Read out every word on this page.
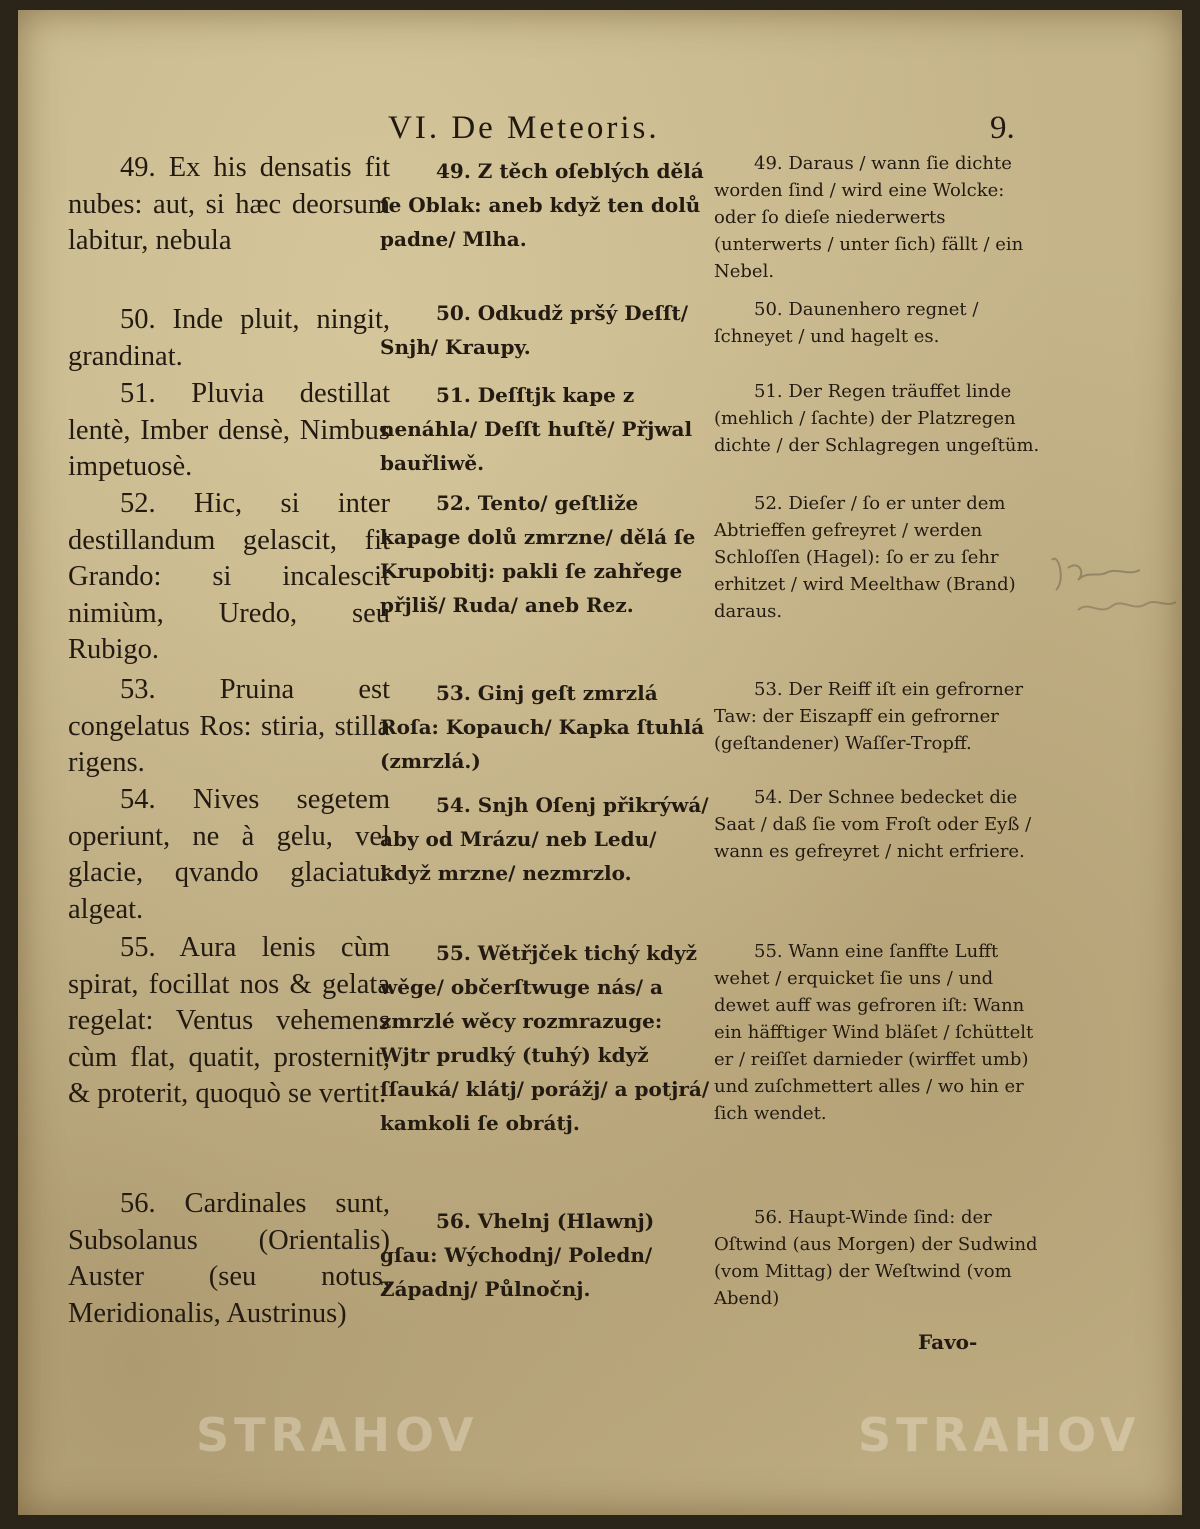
VI. De Meteoris.	9.

49. Ex his densatis fit nubes: aut, si hæc deorsum labitur, nebula

50. Inde pluit, ningit, grandinat.

51. Pluvia destillat lentè, Imber densè, Nimbus impetuosè.

52. Hic, si inter destillandum gelascit, fit Grando: si incalescit nimiùm, Uredo, seu Rubigo.

53. Pruina est congelatus Ros: stiria, stilla rigens.

54. Nives segetem operiunt, ne à gelu, vel glacie, qvando glaciatur algeat.

55. Aura lenis cùm spirat, focillat nos & gelata regelat: Ventus vehemens cùm flat, quatit, prosternit, & proterit, quoquò se vertit.

56. Cardinales sunt, Subsolanus (Orientalis) Auster (seu notus, Meridionalis, Austrinus)

49. Z těch oſeblých dělá ſe Oblak: aneb když ten dolů padne/ Mlha.

50. Odkudž pršý Deſſt/ Snjh/ Kraupy.

51. Deſſtjk kape z nenáhla/ Deſſt huſtě/ Přjwal bauřliwě.

52. Tento/ geſtliže kapage dolů zmrzne/ dělá ſe Krupobitj: pakli ſe zahřege přjliš/ Ruda/ aneb Rez.

53. Ginj geſt zmrzlá Roſa: Kopauch/ Kapka ſtuhlá (zmrzlá.)

54. Snjh Oſenj přikrýwá/ aby od Mrázu/ neb Ledu/ když mrzne/ nezmrzlo.

55. Wětřjček tichý když wěge/ občerſtwuge nás/ a zmrzlé wěcy rozmrazuge: Wjtr prudký (tuhý) když ſſauká/ klátj/ porážj/ a potjrá/ kamkoli ſe obrátj.

56. Vhelnj (Hlawnj) gſau: Wýchodnj/ Poledn/ Západnj/ Půlnočnj.

49. Daraus / wann ſie dichte worden ſind / wird eine Wolcke: oder ſo dieſe niederwerts (unterwerts / unter ſich) fällt / ein Nebel.

50. Daunenhero regnet / ſchneyet / und hagelt es.

51. Der Regen träuffet linde (mehlich / ſachte) der Platzregen dichte / der Schlagregen ungeſtüm.

52. Dieſer / ſo er unter dem Abtrieffen gefreyret / werden Schloſſen (Hagel): ſo er zu ſehr erhitzet / wird Meelthaw (Brand) daraus.

53. Der Reiff iſt ein gefrorner Taw: der Eiszapff ein gefrorner (geſtandener) Waſſer-Tropff.

54. Der Schnee bedecket die Saat / daß ſie vom Froſt oder Eyß / wann es gefreyret / nicht erfriere.

55. Wann eine ſanffte Lufft wehet / erquicket ſie uns / und dewet auff was gefroren iſt: Wann ein häfftiger Wind bläſet / ſchüttelt er / reiſſet darnieder (wirffet umb) und zuſchmettert alles / wo hin er ſich wendet.

56. Haupt-Winde ſind: der Oſtwind (aus Morgen) der Sudwind (vom Mittag) der Weſtwind (vom Abend)

Favo-
STRAHOV	STRAHOV
